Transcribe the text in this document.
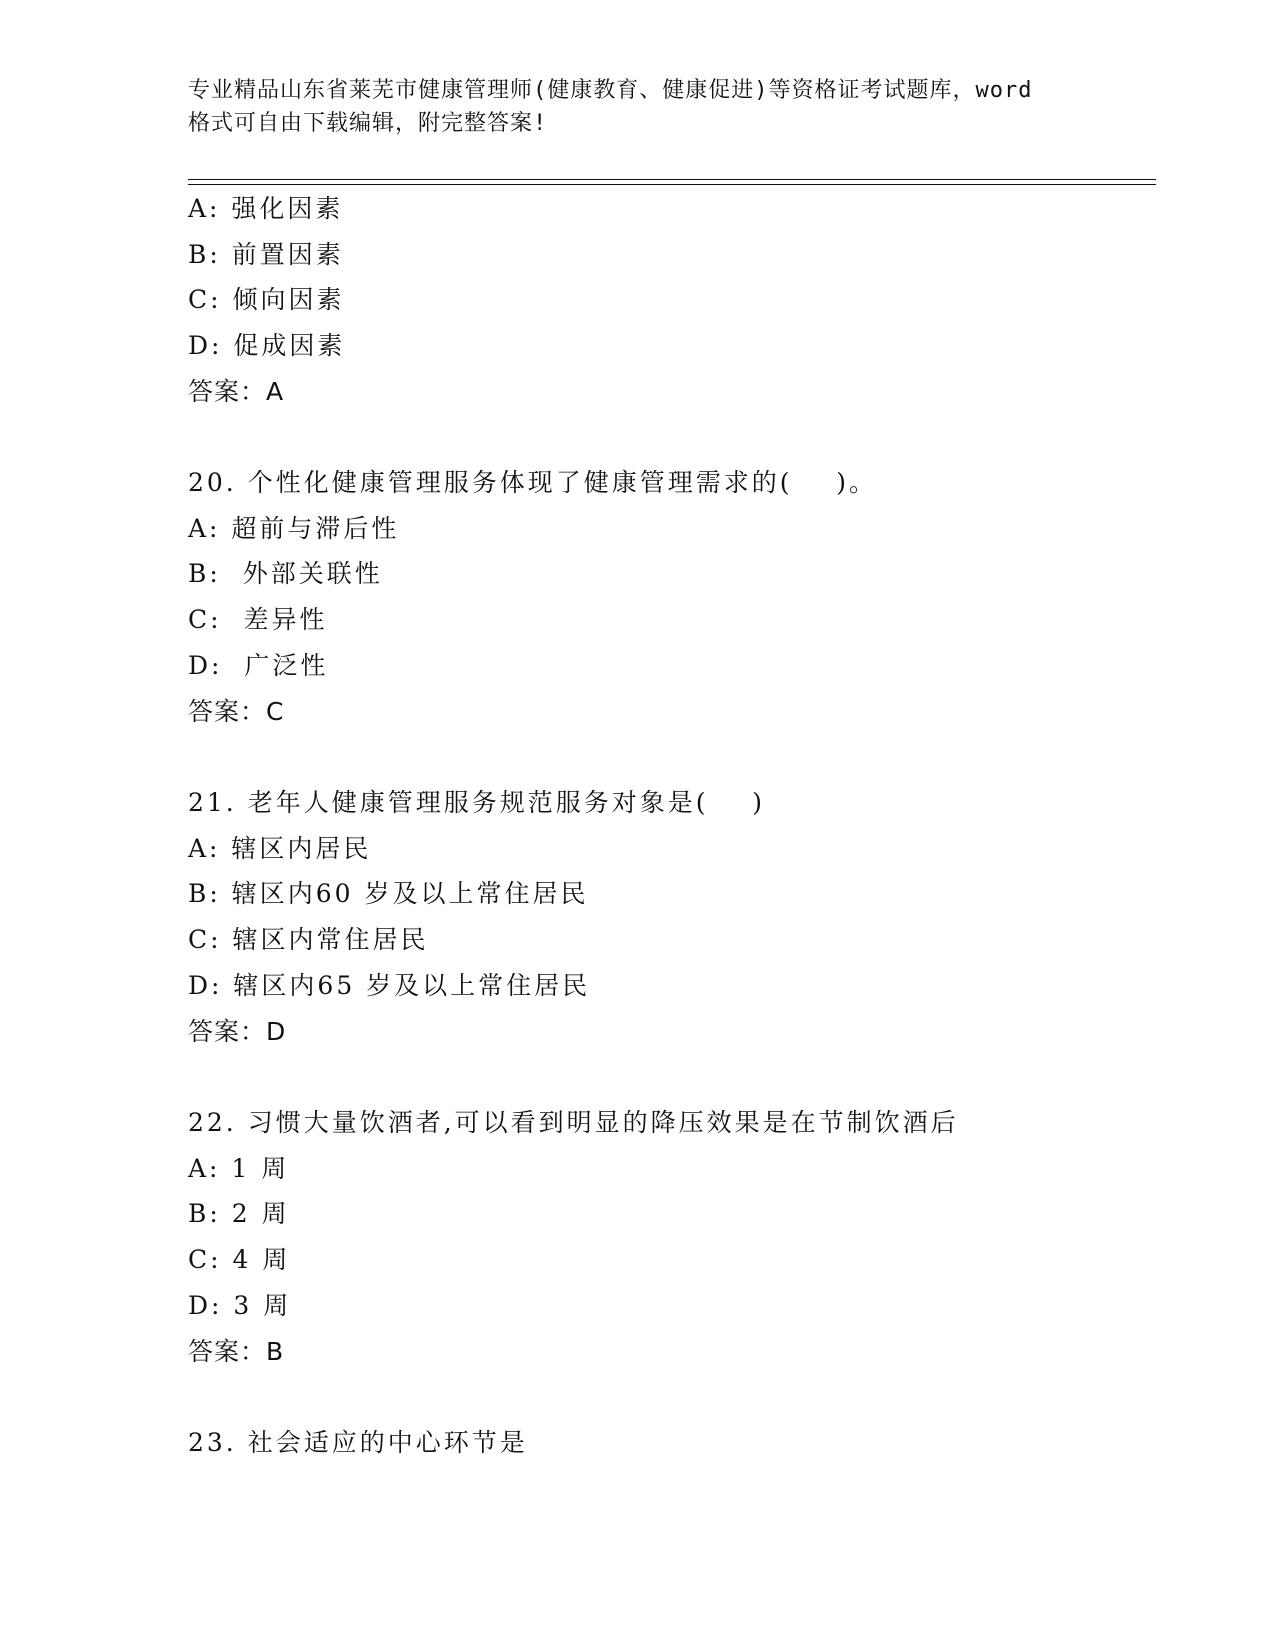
专业精品山东省莱芜市健康管理师(健康教育、健康促进)等资格证考试题库，word
格式可自由下载编辑，附完整答案!
A: 强化因素
B: 前置因素
C: 倾向因素
D: 促成因素
答案：A
20. 个性化健康管理服务体现了健康管理需求的(    )。
A: 超前与滞后性
B:  外部关联性
C:  差异性
D:  广泛性
答案：C
21. 老年人健康管理服务规范服务对象是(    )
A: 辖区内居民
B: 辖区内60 岁及以上常住居民
C: 辖区内常住居民
D: 辖区内65 岁及以上常住居民
答案：D
22. 习惯大量饮酒者,可以看到明显的降压效果是在节制饮酒后
A: 1 周
B: 2 周
C: 4 周
D: 3 周
答案：B
23. 社会适应的中心环节是
